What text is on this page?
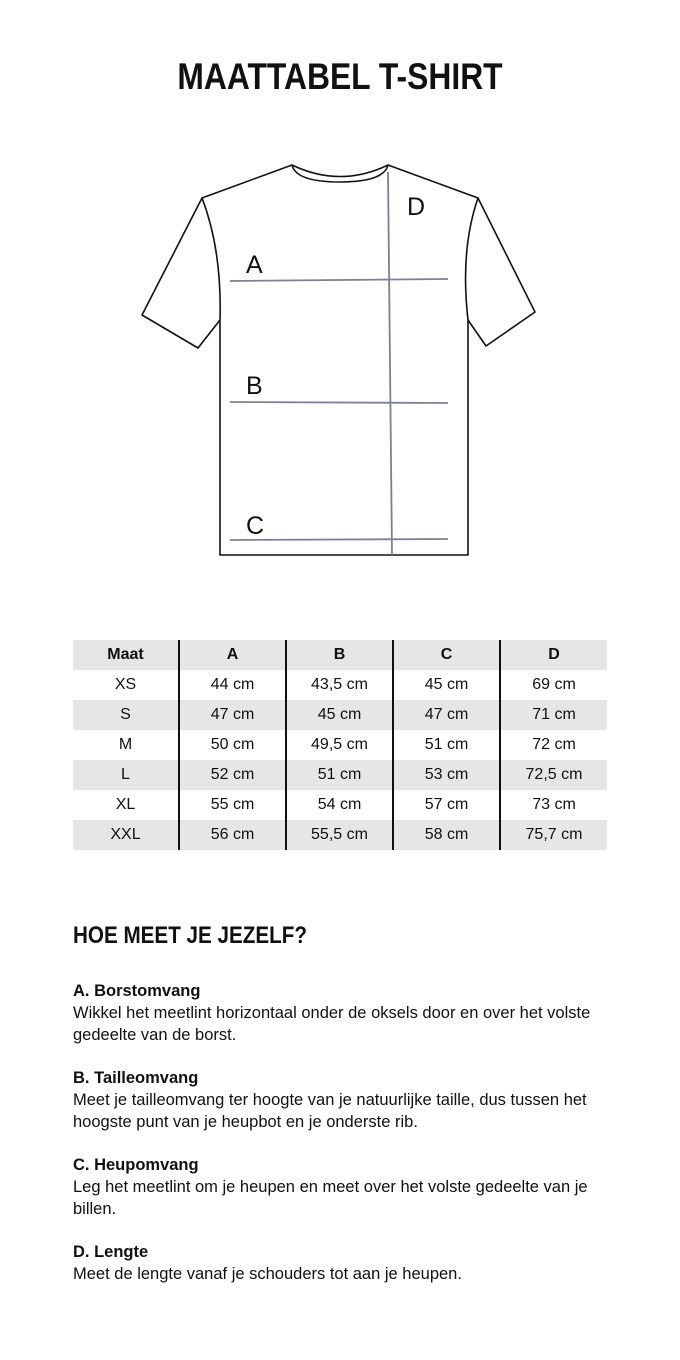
MAATTABEL T-SHIRT
A
B
C
D
Maat	A	B	C	D
XS	44 cm	43,5 cm	45 cm	69 cm
S	47 cm	45 cm	47 cm	71 cm
M	50 cm	49,5 cm	51 cm	72 cm
L	52 cm	51 cm	53 cm	72,5 cm
XL	55 cm	54 cm	57 cm	73 cm
XXL	56 cm	55,5 cm	58 cm	75,7 cm
HOE MEET JE JEZELF?

A. Borstomvang

Wikkel het meetlint horizontaal onder de oksels door en over het volste gedeelte van de borst.

B. Tailleomvang

Meet je tailleomvang ter hoogte van je natuurlijke taille, dus tussen het hoogste punt van je heupbot en je onderste rib.

C. Heupomvang

Leg het meetlint om je heupen en meet over het volste gedeelte van je billen.

D. Lengte

Meet de lengte vanaf je schouders tot aan je heupen.
